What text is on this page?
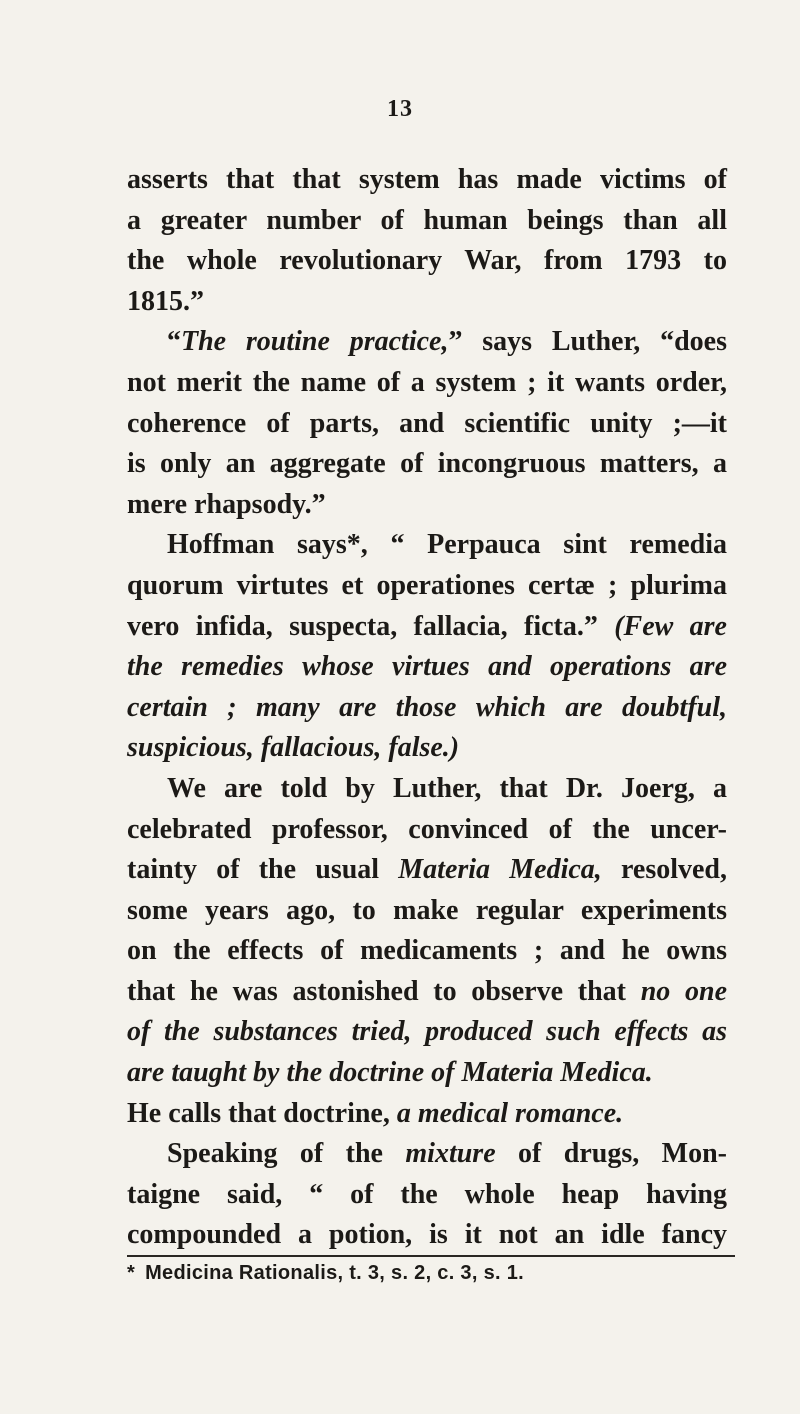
13
asserts that that system has made victims of
a greater number of human beings than all
the whole revolutionary War, from 1793 to
1815.”
“The routine practice,” says Luther, “does
not merit the name of a system ; it wants order,
coherence of parts, and scientific unity ;—it
is only an aggregate of incongruous matters, a
mere rhapsody.”
Hoffman says*, “ Perpauca sint remedia
quorum virtutes et operationes certæ ; plurima
vero infida, suspecta, fallacia, ficta.” (Few are
the remedies whose virtues and operations are
certain ; many are those which are doubtful,
suspicious, fallacious, false.)
We are told by Luther, that Dr. Joerg, a
celebrated professor, convinced of the uncer-
tainty of the usual Materia Medica, resolved,
some years ago, to make regular experiments
on the effects of medicaments ; and he owns
that he was astonished to observe that no one
of the substances tried, produced such effects as
are taught by the doctrine of Materia Medica.
He calls that doctrine, a medical romance.
Speaking of the mixture of drugs, Mon-
taigne said, “ of the whole heap having
compounded a potion, is it not an idle fancy
* Medicina Rationalis, t. 3, s. 2, c. 3, s. 1.
